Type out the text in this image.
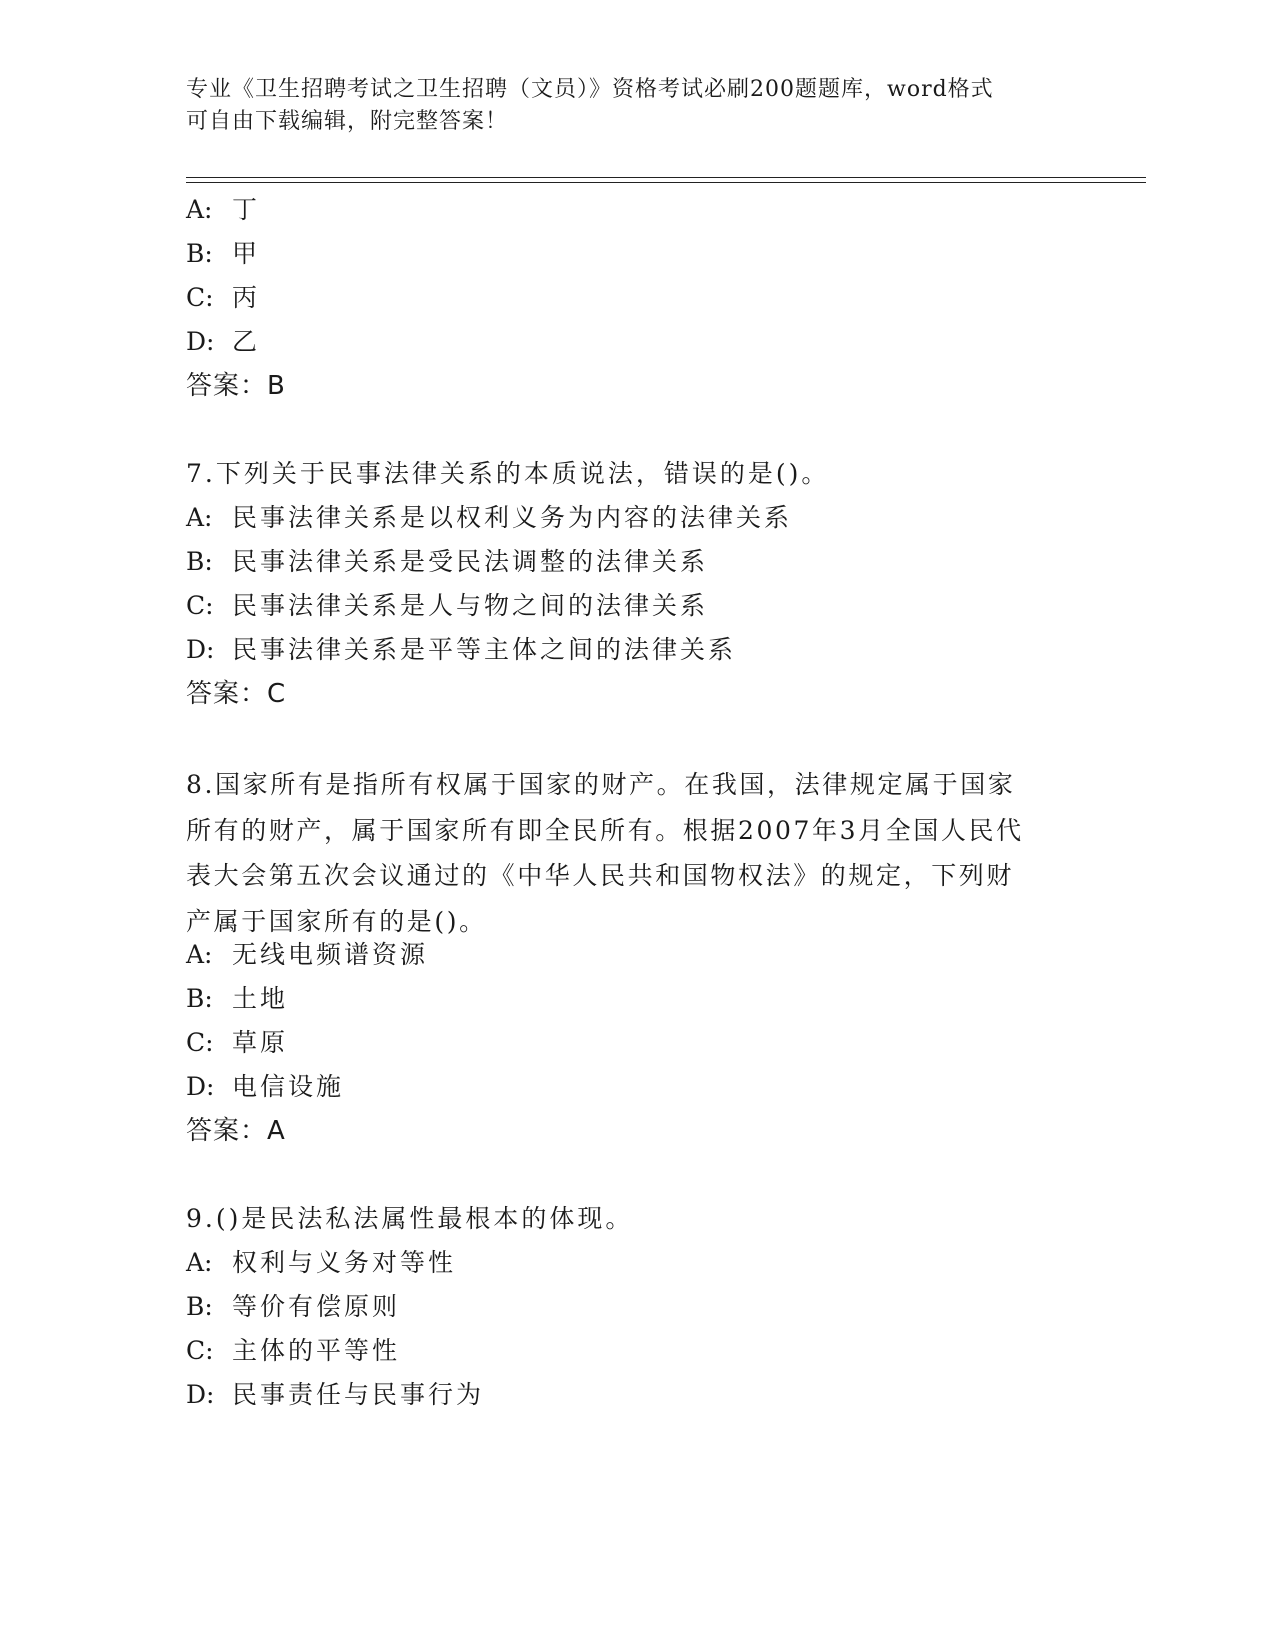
专业《卫生招聘考试之卫生招聘（文员）》资格考试必刷200题题库，word格式
可自由下载编辑，附完整答案！
A: 丁
B: 甲
C: 丙
D: 乙
答案：B
7.下列关于民事法律关系的本质说法，错误的是()。
A: 民事法律关系是以权利义务为内容的法律关系
B: 民事法律关系是受民法调整的法律关系
C: 民事法律关系是人与物之间的法律关系
D: 民事法律关系是平等主体之间的法律关系
答案：C
8.国家所有是指所有权属于国家的财产。在我国，法律规定属于国家
所有的财产，属于国家所有即全民所有。根据2007年3月全国人民代
表大会第五次会议通过的《中华人民共和国物权法》的规定，下列财
产属于国家所有的是()。
A: 无线电频谱资源
B: 土地
C: 草原
D: 电信设施
答案：A
9.()是民法私法属性最根本的体现。
A: 权利与义务对等性
B: 等价有偿原则
C: 主体的平等性
D: 民事责任与民事行为
